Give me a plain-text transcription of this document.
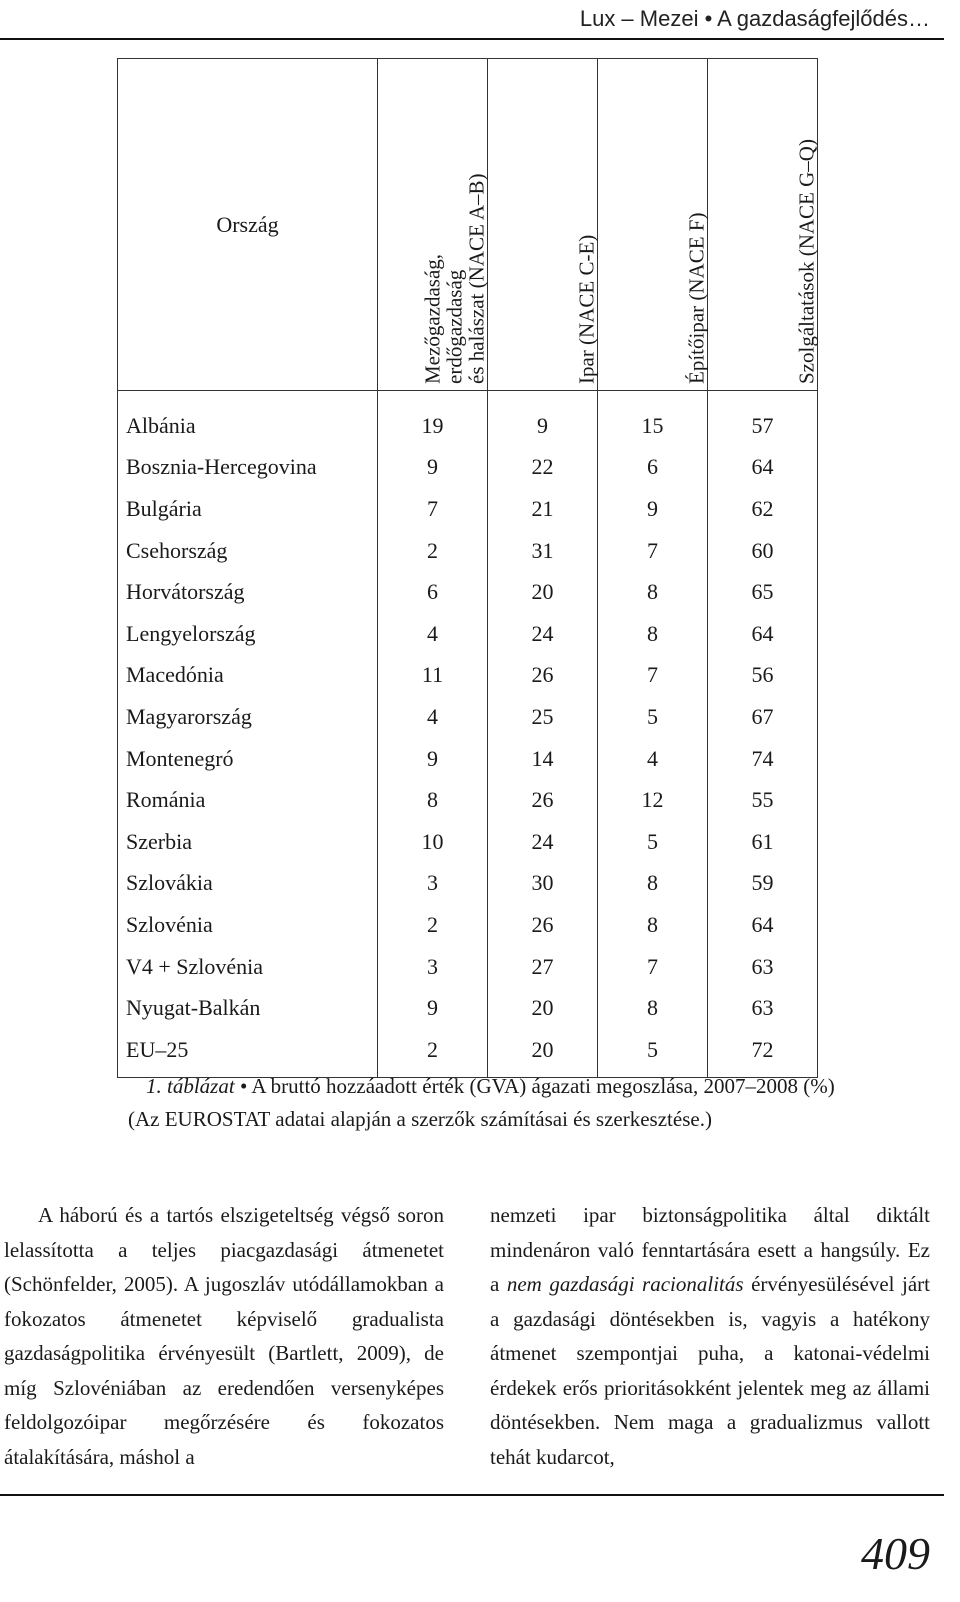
Lux – Mezei • A gazdaságfejlődés…
Ország	Mezőgazdaság,
erdőgazdaság
és halászat (NACE A–B)	Ipar (NACE C-E)	Építőipar (NACE F)	Szolgáltatások (NACE G–Q)
Albánia	19	9	15	57
Bosznia-Hercegovina	9	22	6	64
Bulgária	7	21	9	62
Csehország	2	31	7	60
Horvátország	6	20	8	65
Lengyelország	4	24	8	64
Macedónia	11	26	7	56
Magyarország	4	25	5	67
Montenegró	9	14	4	74
Románia	8	26	12	55
Szerbia	10	24	5	61
Szlovákia	3	30	8	59
Szlovénia	2	26	8	64
V4 + Szlovénia	3	27	7	63
Nyugat-Balkán	9	20	8	63
EU–25	2	20	5	72
1. táblázat • A bruttó hozzáadott érték (GVA) ágazati megoszlása, 2007–2008 (%)
(Az EUROSTAT adatai alapján a szerzők számításai és szerkesztése.)

A háború és a tartós elszigeteltség végső soron lelassította a teljes piacgazdasági átmenetet (Schönfelder, 2005). A jugoszláv utódállamokban a fokozatos átmenetet képviselő gradualista gazdaságpolitika érvényesült (Bartlett, 2009), de míg Szlovéniában az eredendően versenyképes feldolgozóipar megőrzésére és fokozatos átalakítására, máshol a

nemzeti ipar biztonságpolitika által diktált mindenáron való fenntartására esett a hangsúly. Ez a nem gazdasági racionalitás érvényesülésével járt a gazdasági döntésekben is, vagyis a hatékony átmenet szempontjai puha, a katonai-védelmi érdekek erős prioritásokként jelentek meg az állami döntésekben. Nem maga a gradualizmus vallott tehát kudarcot,

409
